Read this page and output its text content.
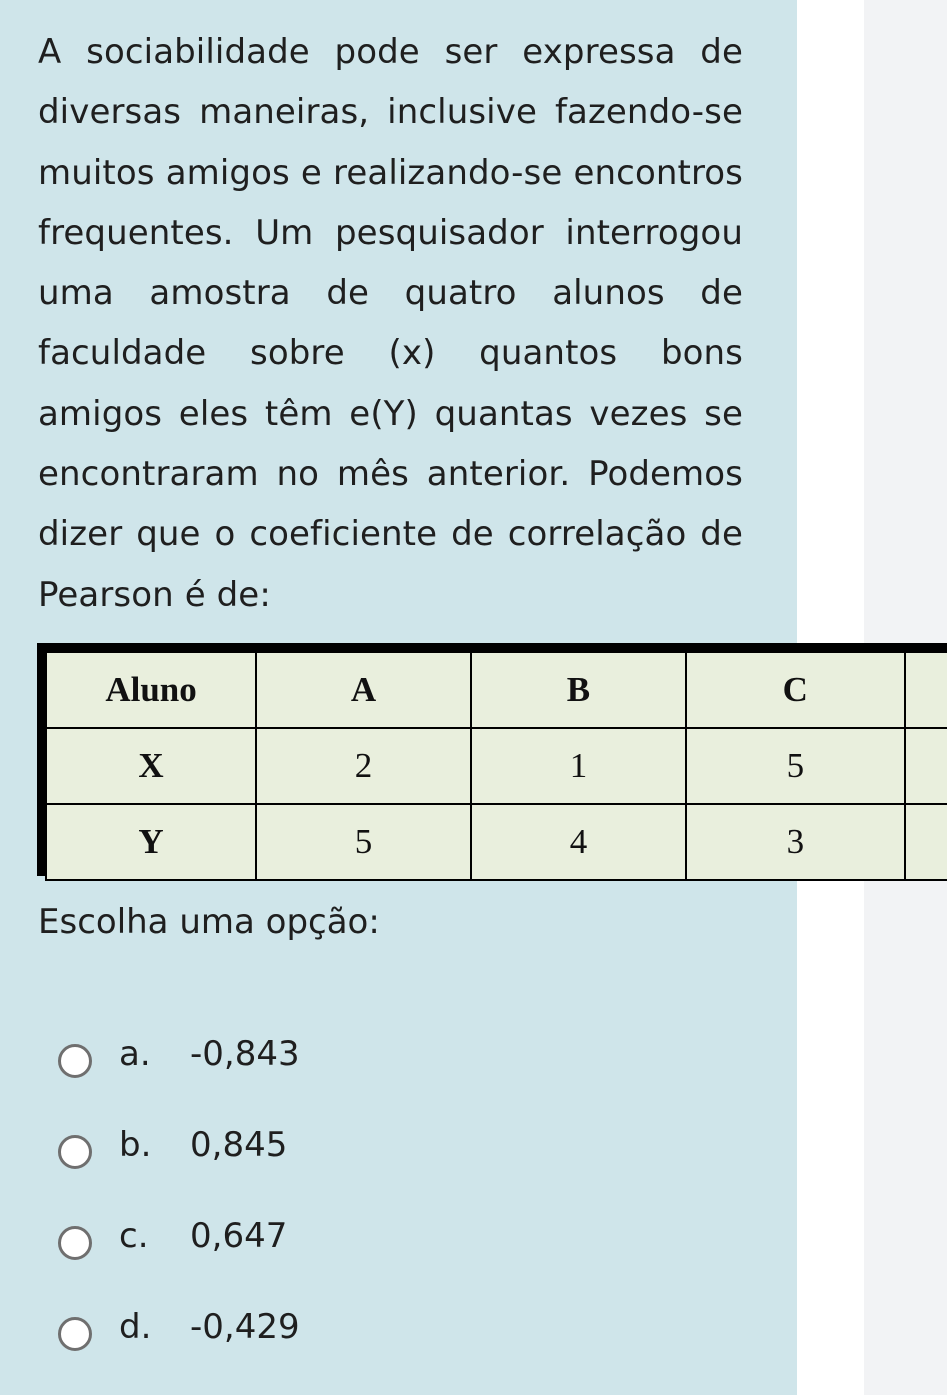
A sociabilidade pode ser expressa de diversas maneiras, inclusive fazendo-se muitos amigos e realizando-se encontros frequentes. Um pesquisador interrogou uma amostra de quatro alunos de faculdade sobre (x) quantos bons amigos eles têm e(Y) quantas vezes se encontraram no mês anterior. Podemos dizer que o coeficiente de correlação de Pearson é de:

Aluno	A	B	C	
X	2	1	5	
Y	5	4	3	

Escolha uma opção:

a. -0,843
b. 0,845
c. 0,647
d. -0,429
